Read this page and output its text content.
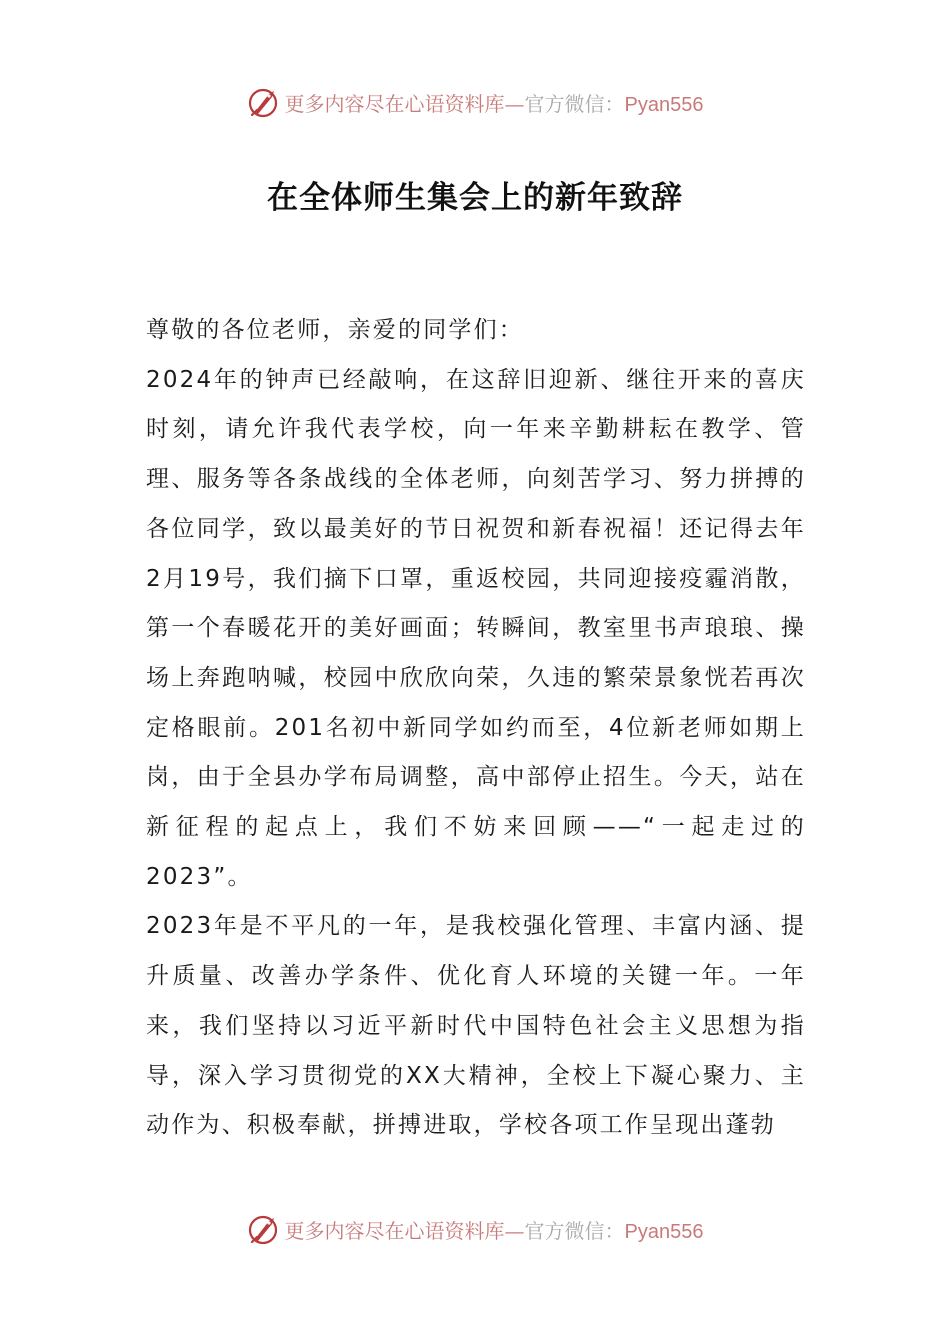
更多内容尽在心语资料库—官方微信：Pyan556
在全体师生集会上的新年致辞

尊敬的各位老师，亲爱的同学们：

2024年的钟声已经敲响，在这辞旧迎新、继往开来的喜庆时刻，请允许我代表学校，向一年来辛勤耕耘在教学、管理、服务等各条战线的全体老师，向刻苦学习、努力拼搏的各位同学，致以最美好的节日祝贺和新春祝福！还记得去年2月19号，我们摘下口罩，重返校园，共同迎接疫霾消散，第一个春暖花开的美好画面；转瞬间，教室里书声琅琅、操场上奔跑呐喊，校园中欣欣向荣，久违的繁荣景象恍若再次定格眼前。201名初中新同学如约而至，4位新老师如期上岗，由于全县办学布局调整，高中部停止招生。今天，站在新征程的起点上，我们不妨来回顾——“一起走过的2023”。

2023年是不平凡的一年，是我校强化管理、丰富内涵、提升质量、改善办学条件、优化育人环境的关键一年。一年来，我们坚持以习近平新时代中国特色社会主义思想为指导，深入学习贯彻党的XX大精神，全校上下凝心聚力、主动作为、积极奉献，拼搏进取，学校各项工作呈现出蓬勃

更多内容尽在心语资料库—官方微信：Pyan556
